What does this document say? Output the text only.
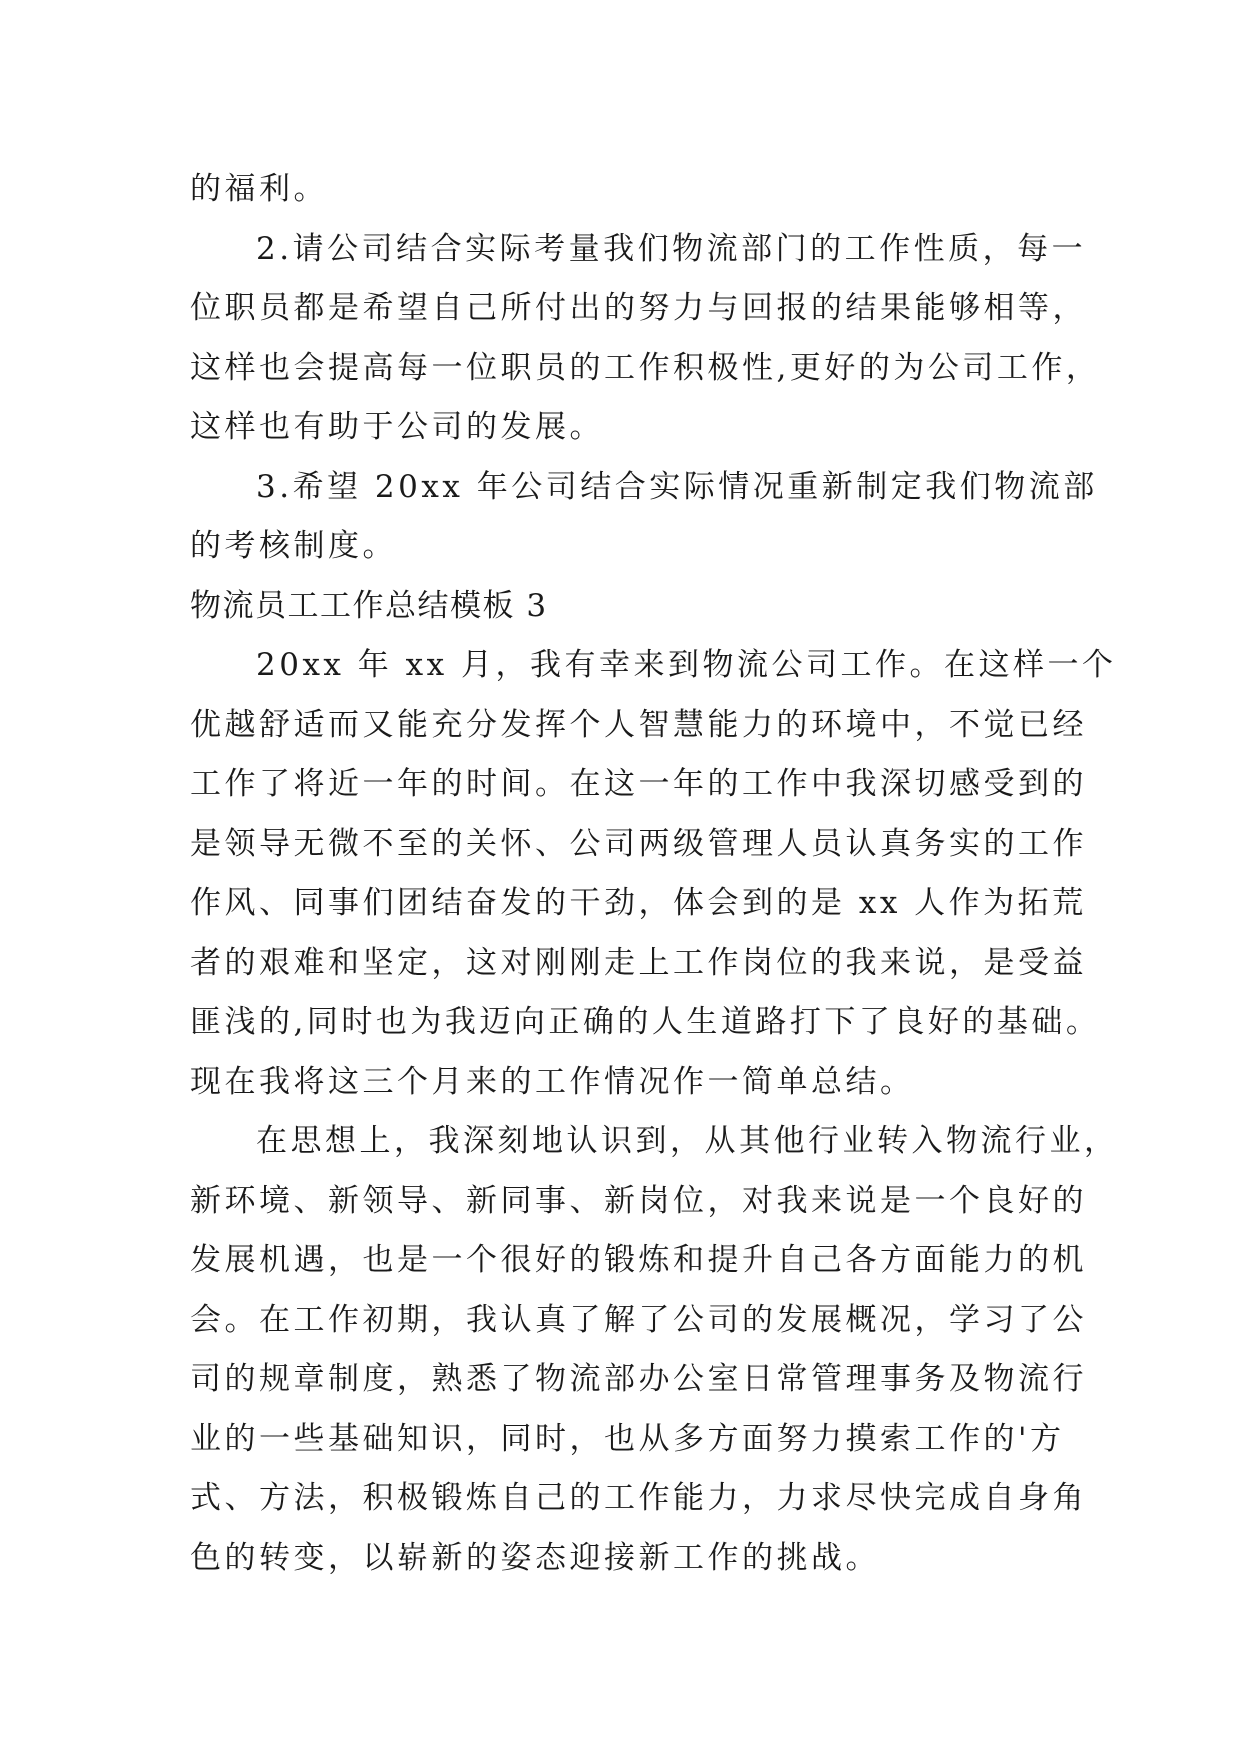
的福利。
2.请公司结合实际考量我们物流部门的工作性质，每一
位职员都是希望自己所付出的努力与回报的结果能够相等，
这样也会提高每一位职员的工作积极性,更好的为公司工作，
这样也有助于公司的发展。
3.希望 20xx 年公司结合实际情况重新制定我们物流部
的考核制度。
物流员工工作总结模板 3
20xx 年 xx 月，我有幸来到物流公司工作。在这样一个
优越舒适而又能充分发挥个人智慧能力的环境中，不觉已经
工作了将近一年的时间。在这一年的工作中我深切感受到的
是领导无微不至的关怀、公司两级管理人员认真务实的工作
作风、同事们团结奋发的干劲，体会到的是 xx 人作为拓荒
者的艰难和坚定，这对刚刚走上工作岗位的我来说，是受益
匪浅的,同时也为我迈向正确的人生道路打下了良好的基础。
现在我将这三个月来的工作情况作一简单总结。
在思想上，我深刻地认识到，从其他行业转入物流行业，
新环境、新领导、新同事、新岗位，对我来说是一个良好的
发展机遇，也是一个很好的锻炼和提升自己各方面能力的机
会。在工作初期，我认真了解了公司的发展概况，学习了公
司的规章制度，熟悉了物流部办公室日常管理事务及物流行
业的一些基础知识，同时，也从多方面努力摸索工作的'方
式、方法，积极锻炼自己的工作能力，力求尽快完成自身角
色的转变，以崭新的姿态迎接新工作的挑战。
